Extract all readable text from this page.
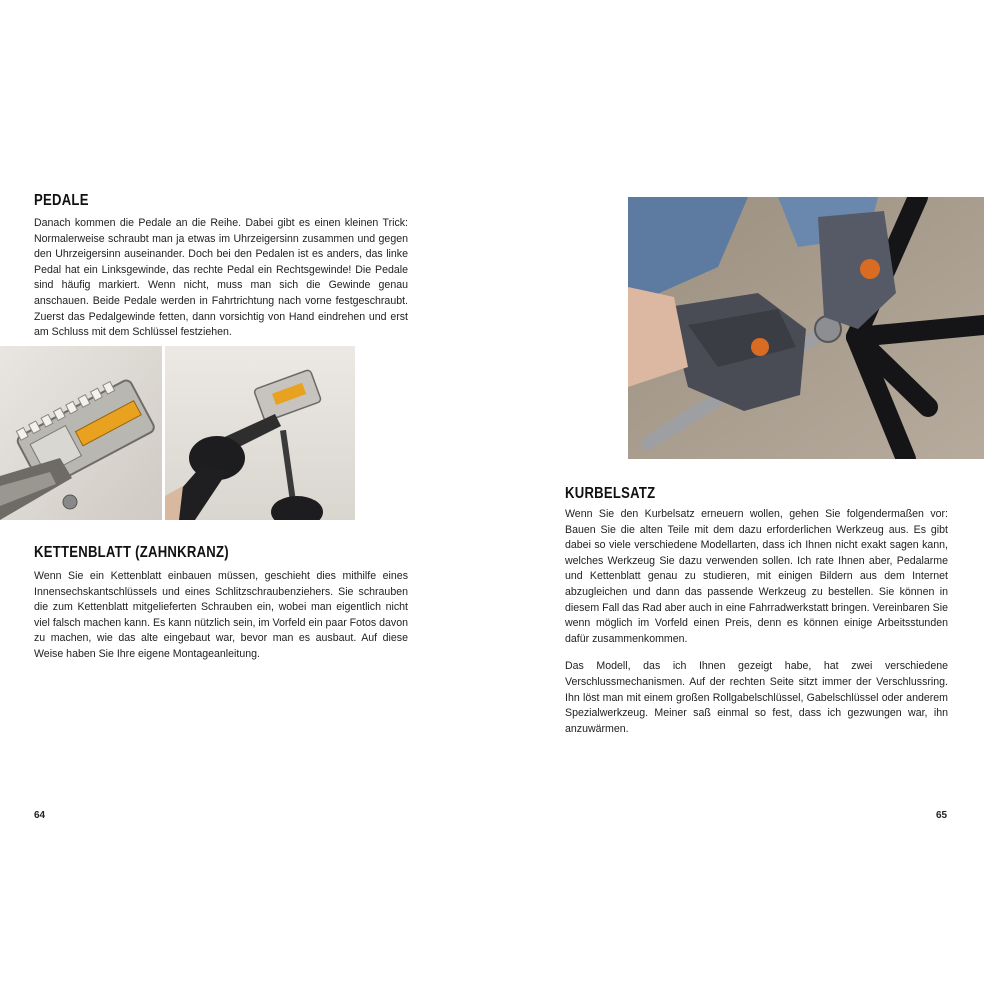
PEDALE

Danach kommen die Pedale an die Reihe. Dabei gibt es einen kleinen Trick: Normalerweise schraubt man ja etwas im Uhrzeigersinn zusammen und gegen den Uhrzeigersinn auseinander. Doch bei den Pedalen ist es anders, das linke Pedal hat ein Linksgewinde, das rechte Pedal ein Rechtsgewinde! Die Pedale sind häufig markiert. Wenn nicht, muss man sich die Gewinde genau anschauen. Beide Pedale werden in Fahrtrichtung nach vorne festgeschraubt. Zuerst das Pedalgewinde fetten, dann vorsichtig von Hand eindrehen und erst am Schluss mit dem Schlüssel festziehen.

KETTENBLATT (ZAHNKRANZ)

Wenn Sie ein Kettenblatt einbauen müssen, geschieht dies mithilfe eines Innensechskantschlüssels und eines Schlitzschraubenziehers. Sie schrauben die zum Kettenblatt mitgelieferten Schrauben ein, wobei man eigentlich nicht viel falsch machen kann. Es kann nützlich sein, im Vorfeld ein paar Fotos davon zu machen, wie das alte eingebaut war, bevor man es ausbaut. Auf diese Weise haben Sie Ihre eigene Montageanleitung.

64
KURBELSATZ

Wenn Sie den Kurbelsatz erneuern wollen, gehen Sie folgendermaßen vor: Bauen Sie die alten Teile mit dem dazu erforderlichen Werkzeug aus. Es gibt dabei so viele verschiedene Modellarten, dass ich Ihnen nicht exakt sagen kann, welches Werkzeug Sie dazu verwenden sollen. Ich rate Ihnen aber, Pedalarme und Kettenblatt genau zu studieren, mit einigen Bildern aus dem Internet abzugleichen und dann das passende Werkzeug zu bestellen. Sie können in diesem Fall das Rad aber auch in eine Fahrradwerkstatt bringen. Vereinbaren Sie wenn möglich im Vorfeld einen Preis, denn es können einige Arbeitsstunden dafür zusammenkommen.

Das Modell, das ich Ihnen gezeigt habe, hat zwei verschiedene Verschlussmechanismen. Auf der rechten Seite sitzt immer der Verschlussring. Ihn löst man mit einem großen Rollgabelschlüssel, Gabelschlüssel oder anderem Spezialwerkzeug. Meiner saß einmal so fest, dass ich gezwungen war, ihn anzuwärmen.

65
